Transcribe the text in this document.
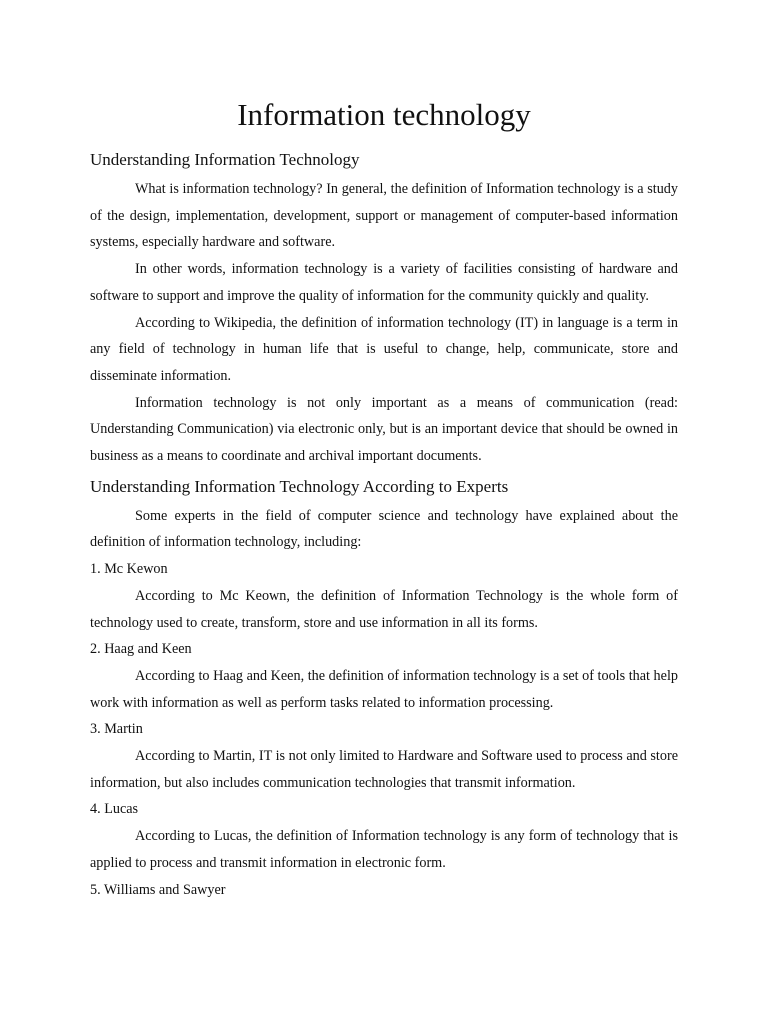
Information technology
Understanding Information Technology

What is information technology? In general, the definition of Information technology is a study of the design, implementation, development, support or management of computer-based information systems, especially hardware and software.

In other words, information technology is a variety of facilities consisting of hardware and software to support and improve the quality of information for the community quickly and quality.

According to Wikipedia, the definition of information technology (IT) in language is a term in any field of technology in human life that is useful to change, help, communicate, store and disseminate information.

Information technology is not only important as a means of communication (read: Understanding Communication) via electronic only, but is an important device that should be owned in business as a means to coordinate and archival important documents.

Understanding Information Technology According to Experts

Some experts in the field of computer science and technology have explained about the definition of information technology, including:

1. Mc Kewon

According to Mc Keown, the definition of Information Technology is the whole form of technology used to create, transform, store and use information in all its forms.

2. Haag and Keen

According to Haag and Keen, the definition of information technology is a set of tools that help work with information as well as perform tasks related to information processing.

3. Martin

According to Martin, IT is not only limited to Hardware and Software used to process and store information, but also includes communication technologies that transmit information.

4. Lucas

According to Lucas, the definition of Information technology is any form of technology that is applied to process and transmit information in electronic form.

5. Williams and Sawyer
